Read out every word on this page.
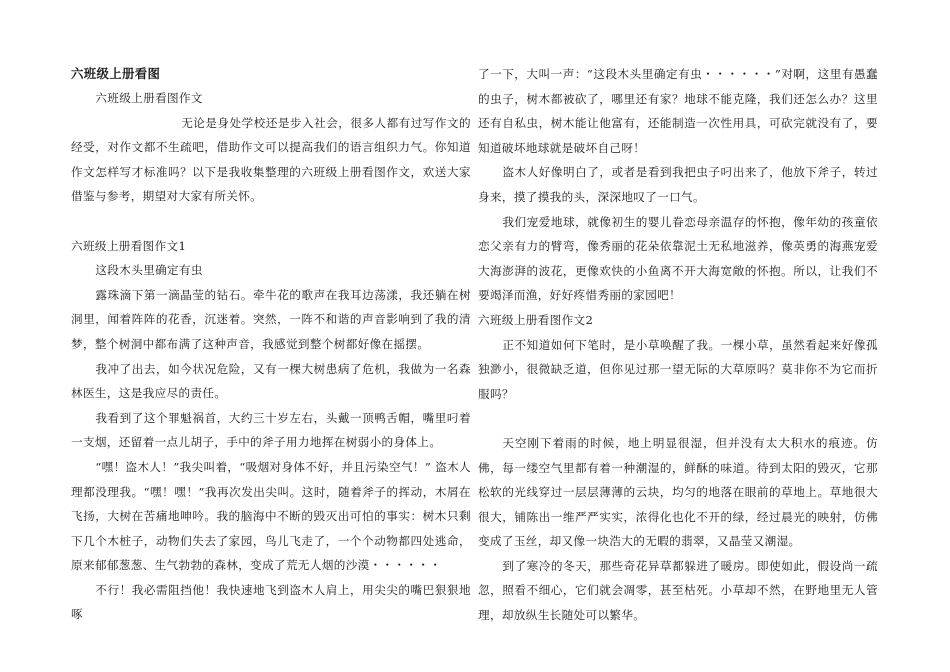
六班级上册看图

六班级上册看图作文

无论是身处学校还是步入社会，很多人都有过写作文的经受，对作文都不生疏吧，借助作文可以提高我们的语言组织力气。你知道作文怎样写才标准吗？以下是我收集整理的六班级上册看图作文，欢送大家借鉴与参考，期望对大家有所关怀。

六班级上册看图作文1

这段木头里确定有虫

露珠滴下第一滴晶莹的钻石。牵牛花的歌声在我耳边荡漾，我还躺在树洞里，闻着阵阵的花香，沉迷着。突然，一阵不和谐的声音影响到了我的清梦，整个树洞中都布满了这种声音，我感觉到整个树都好像在摇摆。

我冲了出去，如今状况危险，又有一棵大树患病了危机，我做为一名森林医生，这是我应尽的责任。

我看到了这个罪魁祸首，大约三十岁左右，头戴一顶鸭舌帽，嘴里叼着一支烟，还留着一点儿胡子，手中的斧子用力地挥在树弱小的身体上。

“嘿！盗木人！”我尖叫着，“吸烟对身体不好，并且污染空气！” 盗木人理都没理我。“嘿！嘿！”我再次发出尖叫。这时，随着斧子的挥动，木屑在飞扬，大树在苦痛地呻吟。我的脑海中不断的毁灭出可怕的事实：树木只剩下几个木桩子，动物们失去了家园，鸟儿飞走了，一个个动物都四处逃命，原来郁郁葱葱、生气勃勃的森林，变成了荒无人烟的沙漠・・・・・・

不行！我必需阻挡他！我快速地飞到盗木人肩上，用尖尖的嘴巴狠狠地啄

了一下，大叫一声：“这段木头里确定有虫・・・・・・”对啊，这里有愚蠢的虫子，树木都被砍了，哪里还有家？地球不能克隆，我们还怎么办？这里还有自私虫，树木能让他富有，还能制造一次性用具，可砍完就没有了，要知道破坏地球就是破坏自己呀！

盗木人好像明白了，或者是看到我把虫子叼出来了，他放下斧子，转过身来，摸了摸我的头，深深地叹了一口气。

我们宠爱地球，就像初生的婴儿眷恋母亲温存的怀抱，像年幼的孩童依恋父亲有力的臂弯，像秀丽的花朵依靠泥土无私地滋养，像英勇的海燕宠爱大海澎湃的波花，更像欢快的小鱼离不开大海宽敞的怀抱。所以，让我们不要竭泽而渔，好好疼惜秀丽的家园吧！

六班级上册看图作文2

正不知道如何下笔时，是小草唤醒了我。一棵小草，虽然看起来好像孤独渺小，很微缺乏道，但你见过那一望无际的大草原吗？莫非你不为它而折服吗？

天空刚下着雨的时候，地上明显很湿，但并没有太大积水的痕迹。仿佛，每一缕空气里都有着一种潮湿的，鲜酥的味道。待到太阳的毁灭，它那松软的光线穿过一层层薄薄的云块，均匀的地落在眼前的草地上。草地很大很大，铺陈出一维严严实实，浓得化也化不开的绿，经过晨光的映射，仿佛变成了玉丝，却又像一块浩大的无暇的翡翠，又晶莹又潮湿。

到了寒冷的冬天，那些奇花异草都躲进了暖房。即使如此，假设尚一疏忽，照看不细心，它们就会凋零，甚至枯死。小草却不然，在野地里无人管理，却放纵生长随处可以繁华。
